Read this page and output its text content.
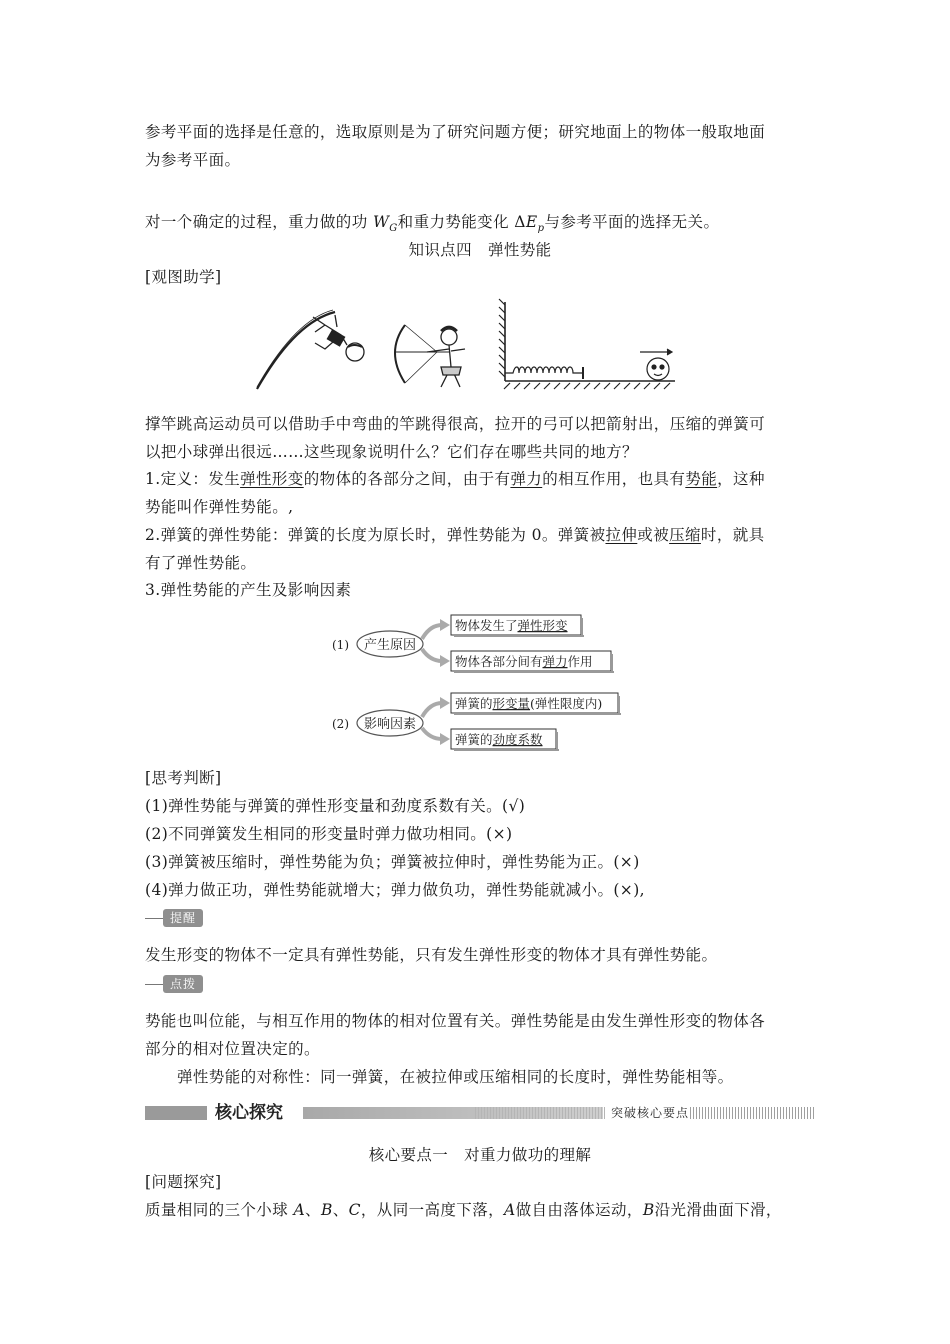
参考平面的选择是任意的，选取原则是为了研究问题方便；研究地面上的物体一般取地面
为参考平面。
对一个确定的过程，重力做的功 $W_G$和重力势能变化 $\Delta E_p$与参考平面的选择无关。
知识点四　弹性势能
[观图助学]
撑竿跳高运动员可以借助手中弯曲的竿跳得很高，拉开的弓可以把箭射出，压缩的弹簧可
以把小球弹出很远……这些现象说明什么？它们存在哪些共同的地方？
1.定义：发生弹性形变的物体的各部分之间，由于有弹力的相互作用，也具有势能，这种
势能叫作弹性势能。,
2.弹簧的弹性势能：弹簧的长度为原长时，弹性势能为 0。弹簧被拉伸或被压缩时，就具
有了弹性势能。
3.弹性势能的产生及影响因素
(1) 产生原因
物体发生了弹性形变
物体各部分间有弹力作用
(2) 影响因素
弹簧的形变量(弹性限度内)
弹簧的劲度系数
[思考判断]
(1)弹性势能与弹簧的弹性形变量和劲度系数有关。(√)
(2)不同弹簧发生相同的形变量时弹力做功相同。(×)
(3)弹簧被压缩时，弹性势能为负；弹簧被拉伸时，弹性势能为正。(×)
(4)弹力做正功，弹性势能就增大；弹力做负功，弹性势能就减小。(×),
提醒
发生形变的物体不一定具有弹性势能，只有发生弹性形变的物体才具有弹性势能。
点拨
势能也叫位能，与相互作用的物体的相对位置有关。弹性势能是由发生弹性形变的物体各
部分的相对位置决定的。
弹性势能的对称性：同一弹簧，在被拉伸或压缩相同的长度时，弹性势能相等。
核心探究	突破核心要点
核心要点一　对重力做功的理解
[问题探究]
质量相同的三个小球 A、B、C，从同一高度下落，A做自由落体运动，B沿光滑曲面下滑，
